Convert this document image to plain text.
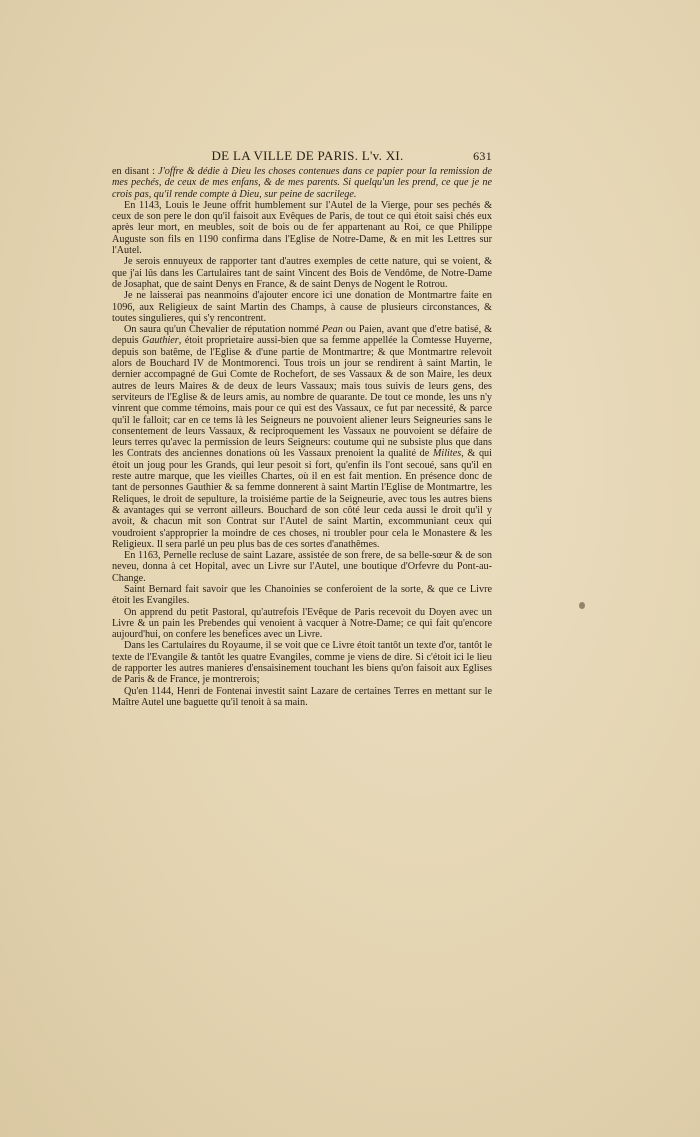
DE LA VILLE DE PARIS. L'v. XI.	631

en disant : J'offre & dédie à Dieu les choses contenues dans ce papier pour la remission de mes pechés, de ceux de mes enfans, & de mes parents. Si quelqu'un les prend, ce que je ne crois pas, qu'il rende compte à Dieu, sur peine de sacrilege.

En 1143, Louis le Jeune offrit humblement sur l'Autel de la Vierge, pour ses pechés & ceux de son pere le don qu'il faisoit aux Evêques de Paris, de tout ce qui étoit saisi chés eux après leur mort, en meubles, soit de bois ou de fer appartenant au Roi, ce que Philippe Auguste son fils en 1190 confirma dans l'Eglise de Notre-Dame, & en mit les Lettres sur l'Autel.

Je serois ennuyeux de rapporter tant d'autres exemples de cette nature, qui se voient, & que j'ai lûs dans les Cartulaires tant de saint Vincent des Bois de Vendôme, de Notre-Dame de Josaphat, que de saint Denys en France, & de saint Denys de Nogent le Rotrou.

Je ne laisserai pas neanmoins d'ajouter encore ici une donation de Montmartre faite en 1096, aux Religieux de saint Martin des Champs, à cause de plusieurs circonstances, & toutes singulieres, qui s'y rencontrent.

On saura qu'un Chevalier de réputation nommé Pean ou Paien, avant que d'etre batisé, & depuis Gauthier, étoit proprietaire aussi-bien que sa femme appellée la Comtesse Huyerne, depuis son batême, de l'Eglise & d'une partie de Montmartre; & que Montmartre relevoit alors de Bouchard IV de Montmorenci. Tous trois un jour se rendirent à saint Martin, le dernier accompagné de Gui Comte de Rochefort, de ses Vassaux & de son Maire, les deux autres de leurs Maires & de deux de leurs Vassaux; mais tous suivis de leurs gens, des serviteurs de l'Eglise & de leurs amis, au nombre de quarante. De tout ce monde, les uns n'y vinrent que comme témoins, mais pour ce qui est des Vassaux, ce fut par necessité, & parce qu'il le falloit; car en ce tems là les Seigneurs ne pouvoient aliener leurs Seigneuries sans le consentement de leurs Vassaux, & reciproquement les Vassaux ne pouvoient se défaire de leurs terres qu'avec la permission de leurs Seigneurs: coutume qui ne subsiste plus que dans les Contrats des anciennes donations où les Vassaux prenoient la qualité de Milites, & qui étoit un joug pour les Grands, qui leur pesoit si fort, qu'enfin ils l'ont secoué, sans qu'il en reste autre marque, que les vieilles Chartes, où il en est fait mention. En présence donc de tant de personnes Gauthier & sa femme donnerent à saint Martin l'Eglise de Montmartre, les Reliques, le droit de sepulture, la troisiéme partie de la Seigneurie, avec tous les autres biens & avantages qui se verront ailleurs. Bouchard de son côté leur ceda aussi le droit qu'il y avoit, & chacun mit son Contrat sur l'Autel de saint Martin, excommuniant ceux qui voudroient s'approprier la moindre de ces choses, ni troubler pour cela le Monastere & les Religieux. Il sera parlé un peu plus bas de ces sortes d'anathêmes.

En 1163, Pernelle recluse de saint Lazare, assistée de son frere, de sa belle-sœur & de son neveu, donna à cet Hopital, avec un Livre sur l'Autel, une boutique d'Orfevre du Pont-au-Change.

Saint Bernard fait savoir que les Chanoinies se conferoient de la sorte, & que ce Livre étoit les Evangiles.

On apprend du petit Pastoral, qu'autrefois l'Evêque de Paris recevoit du Doyen avec un Livre & un pain les Prebendes qui venoient à vacquer à Notre-Dame; ce qui fait qu'encore aujourd'hui, on confere les benefices avec un Livre.

Dans les Cartulaires du Royaume, il se voit que ce Livre étoit tantôt un texte d'or, tantôt le texte de l'Evangile & tantôt les quatre Evangiles, comme je viens de dire. Si c'étoit ici le lieu de rapporter les autres manieres d'ensaisinement touchant les biens qu'on faisoit aux Eglises de Paris & de France, je montrerois;

Qu'en 1144, Henri de Fontenai investit saint Lazare de certaines Terres en mettant sur le Maître Autel une baguette qu'il tenoit à sa main.
